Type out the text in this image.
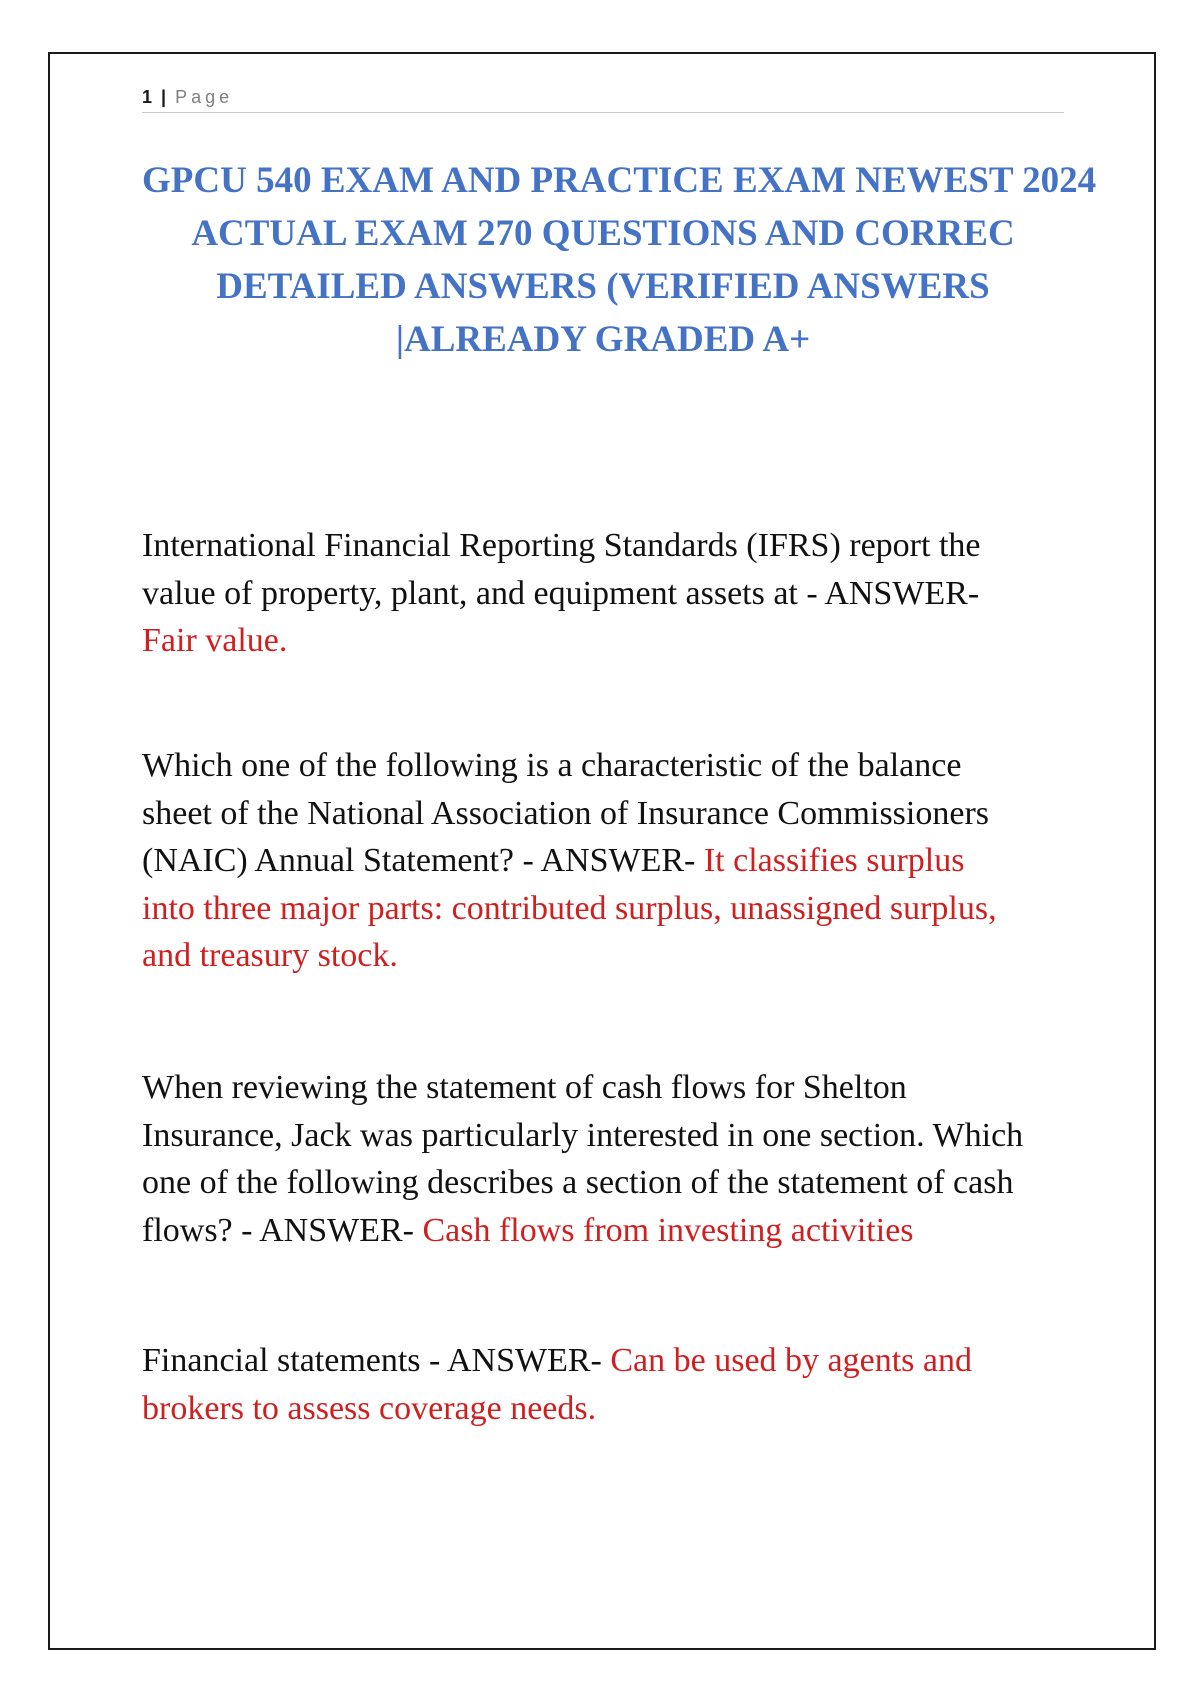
1 | Page
GPCU 540 EXAM AND PRACTICE EXAM NEWEST 2024
ACTUAL EXAM 270 QUESTIONS AND CORREC
DETAILED ANSWERS (VERIFIED ANSWERS
|ALREADY GRADED A+

International Financial Reporting Standards (IFRS) report the
value of property, plant, and equipment assets at - ANSWER-
Fair value.

Which one of the following is a characteristic of the balance
sheet of the National Association of Insurance Commissioners
(NAIC) Annual Statement? - ANSWER- It classifies surplus
into three major parts: contributed surplus, unassigned surplus,
and treasury stock.

When reviewing the statement of cash flows for Shelton
Insurance, Jack was particularly interested in one section. Which
one of the following describes a section of the statement of cash
flows? - ANSWER- Cash flows from investing activities

Financial statements - ANSWER- Can be used by agents and
brokers to assess coverage needs.
